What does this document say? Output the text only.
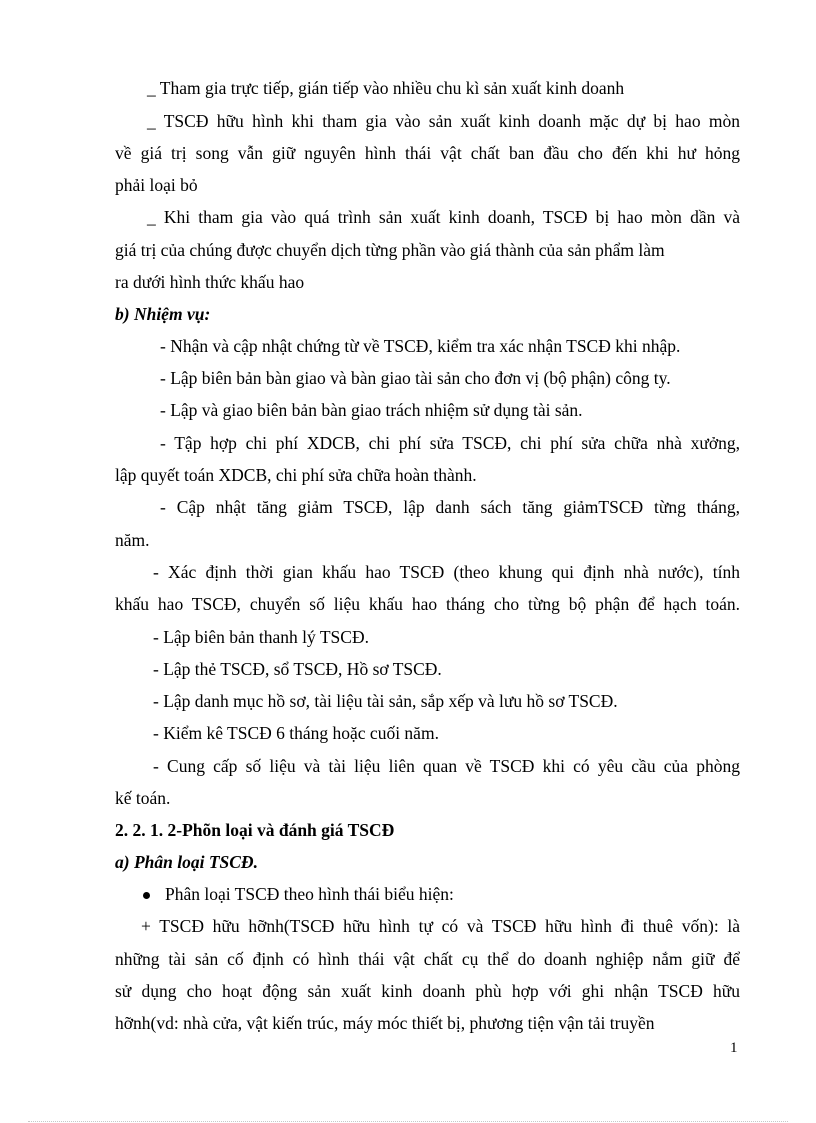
_ Tham gia trực tiếp, gián tiếp vào nhiều chu kì sản xuất kinh doanh
_ TSCĐ hữu hình khi tham gia vào sản xuất kinh doanh mặc dự bị hao mòn
về giá trị song vẫn giữ nguyên hình thái vật chất ban đầu cho đến khi hư hỏng
phải loại bỏ
_ Khi tham gia vào quá trình sản xuất kinh doanh, TSCĐ bị hao mòn dần và
giá trị của chúng được chuyển dịch từng phần vào giá thành của sản phẩm làm
ra dưới hình thức khấu hao
b) Nhiệm vụ:
- Nhận và cập nhật chứng từ về TSCĐ, kiểm tra xác nhận TSCĐ khi nhập.
- Lập biên bản bàn giao và bàn giao tài sản cho đơn vị (bộ phận) công ty.
- Lập và giao biên bản bàn giao trách nhiệm sử dụng tài sản.
- Tập hợp chi phí XDCB, chi phí sửa TSCĐ, chi phí sửa chữa nhà xưởng,
lập quyết toán XDCB, chi phí sửa chữa hoàn thành.
- Cập nhật tăng giảm TSCĐ, lập danh sách tăng giảmTSCĐ từng tháng,
năm.
- Xác định thời gian khấu hao TSCĐ (theo khung qui định nhà nước), tính
khấu hao TSCĐ, chuyển số liệu khấu hao tháng cho từng bộ phận để hạch toán.
- Lập biên bản thanh lý TSCĐ.
- Lập thẻ TSCĐ, sổ TSCĐ, Hồ sơ TSCĐ.
- Lập danh mục hồ sơ, tài liệu tài sản, sắp xếp và lưu hồ sơ TSCĐ.
- Kiểm kê TSCĐ 6 tháng hoặc cuối năm.
- Cung cấp số liệu và tài liệu liên quan về TSCĐ khi có yêu cầu của phòng
kế toán.
2. 2. 1. 2-Phõn loại và đánh giá TSCĐ
a) Phân loại TSCĐ.
Phân loại TSCĐ theo hình thái biểu hiện:
+ TSCĐ hữu hỡnh(TSCĐ hữu hình tự có và TSCĐ hữu hình đi thuê vốn): là
những tài sản cố định có hình thái vật chất cụ thể do doanh nghiệp nắm giữ để
sử dụng cho hoạt động sản xuất kinh doanh phù hợp với ghi nhận TSCĐ hữu
hỡnh(vd: nhà cửa, vật kiến trúc, máy móc thiết bị, phương tiện vận tải truyền
1
